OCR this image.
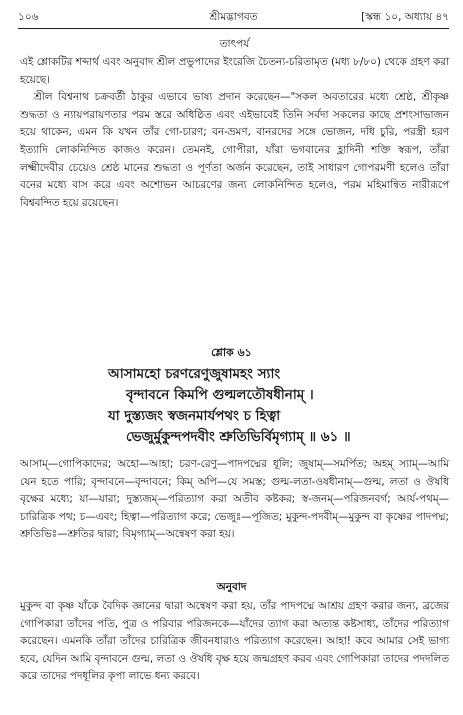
১০৬	শ্রীমদ্ভাগবত	[স্কন্ধ ১০, অধ্যায় ৪৭
তাৎপর্য
এই শ্লোকটির শব্দার্থ এবং অনুবাদ শ্রীল প্রভুপাদের ইংরেজি চৈতন্য-চরিতামৃত (মধ্য ৮/৮০) থেকে গ্রহণ করা হয়েছে।
শ্রীল বিশ্বনাথ চক্রবর্তী ঠাকুর এভাবে ভাষ্য প্রদান করেছেন—"সকল অবতারের মধ্যে শ্রেষ্ঠ, শ্রীকৃষ্ণ শুদ্ধতা ও ন্যায়পরায়ণতার পরম স্তরে অধিষ্ঠিত এবং এইভাবেই তিনি সর্বদা সকলের কাছে প্রশংসাভাজন হয়ে থাকেন, এমন কি যখন তাঁর গো-চারণ; বন-ভ্রমণ, বানরদের সঙ্গে ভোজন, দধি চুরি, পরস্ত্রী হরণ ইত্যাদি লোকনিন্দিত কাজও করেন। তেমনই, গোপীরা, যাঁরা ভগবানের হ্লাদিনী শক্তি স্বরূপ, তাঁরা লক্ষ্মীদেবীর চেয়েও শ্রেষ্ঠ মানের শুদ্ধতা ও পূর্ণতা অর্জন করেছেন, তাই সাধারণ গোপরমণী হলেও তাঁরা বনের মধ্যে বাস করে এবং অশোভন আচরণের জন্য লোকনিন্দিত হলেও, পরম মহিমান্বিত নারীরূপে বিশ্ববন্দিত হয়ে রয়েছেন।
শ্লোক ৬১
আসামহো চরণরেণুজুষামহং স্যাং
বৃন্দাবনে কিমপি গুল্মলতৌষধীনাম্‌ ।
যা দুস্ত্যজং স্বজনমার্যপথং চ হিত্বা
ভেজুর্মুকুন্দপদবীং শ্রুতিভির্বিমৃগ্যাম্‌ ॥ ৬১ ॥
আসাম্—গোপিকাদের; অহো—আহা; চরণ-রেণু—পাদপদ্মের ধূলি; জুষাম্—সমর্পিত; অহম্‌ স্যাম্—আমি যেন হতে পারি; বৃন্দাবনে—বৃন্দাবনে; কিম্‌ অপি—যে সমস্ত; গুল্ম-লতা-ওষধীনাম্—গুল্ম, লতা ও ঔষধি বৃক্ষের মধ্যে; যা—যারা; দুস্ত্যজম্—পরিত্যাগ করা অতীব কষ্টকর; স্ব-জনম্—পরিজনবর্গ; আর্য-পথম্—চারিত্রিক পথ; চ—এবং; হিত্বা—পরিত্যাগ করে; ভেজুঃ—পূজিত; মুকুন্দ-পদবীম্—মুকুন্দ বা কৃষ্ণের পাদপদ্ম; শ্রুতিভিঃ—শ্রুতির দ্বারা; বিমৃগ্যাম্—অন্বেষণ করা হয়।
অনুবাদ
মুকুন্দ বা কৃষ্ণ যাঁকে বৈদিক জ্ঞানের দ্বারা অন্বেষণ করা হয়, তাঁর পাদপদ্মে আশ্রয় গ্রহণ করার জন্য, ব্রজের গোপিকারা তাঁদের পতি, পুত্র ও পরিবার পরিজনকে—যাঁদের ত্যাগ করা অত্যন্ত কষ্টসাধ্য, তাঁদের পরিত্যাগ করেছেন। এমনকি তাঁরা তাঁদের চারিত্রিক জীবনধারাও পরিত্যাগ করেছেন। আহা! কবে আমার সেই ভাগ্য হবে, যেদিন আমি বৃন্দাবনে গুল্ম, লতা ও ঔষধি বৃক্ষ হয়ে জন্মগ্রহণ করব এবং গোপিকারা তাদের পদদলিত করে তাদের পদধূলির কৃপা লাভে ধন্য করবে।
